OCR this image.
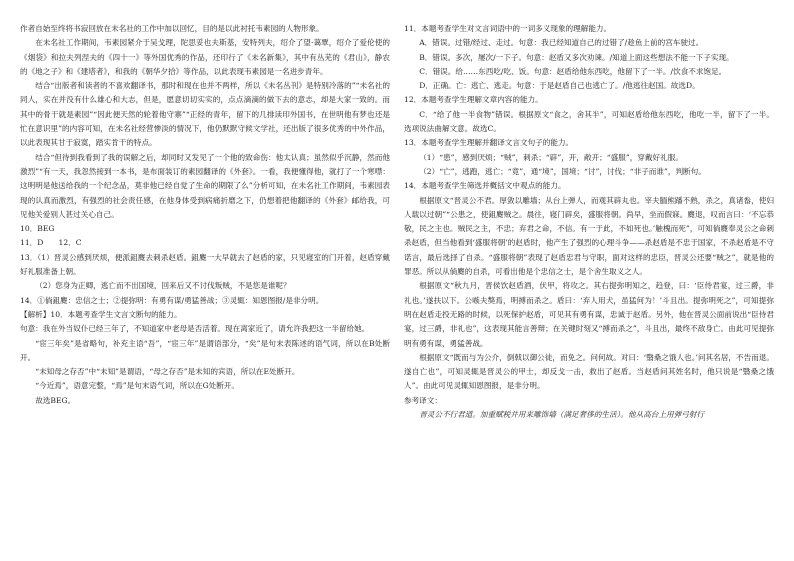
作者自始至终将书寂回放在未名社的工作中加以回忆，目的是以此衬托韦素园的人物形象。

在未名社工作期间，韦素园紧介于吴戈理，陀思妥也夫斯基，安特列夫，绍介了望·蔼覃，绍介了爱伦使的《烟袋》和拉夫列涅夫的《四十一》等外国优秀的作品，还印行了《未名新集》，其中有丛芜的《君山》，静农的《地之子》和《建塔者》，和我的《朝华夕拾》等作品，以此表现韦素园是一名进步青年。

结合“出版者和读者的不喜欢翻译书，那时和现在也并不两样，所以《未名丛刊》是特别冷落的”“未名社的同人，实在并没有什么雄心和大志，但是，愿意切切实实的，点点滴滴的做下去的意志，却是大家一致的。而其中的骨干就是素园”“因此便天然的轮着他守寨”“正经的青年，留下的几排读印外国书，在世明他有梦也还是忙在意识里”的内容可知，在未名社经营惨淡的情况下，他仍默默守候文学社，还出版了很多优秀的中外作品，以此表现其甘于寂寞，踏实肯干的特点。

结合“但待到我看到了我的误解之后，却同时又发见了一个他的致命伤：他太认真；虽然似乎沉静，然而他激烈”“有一天，我忽然接到一本书，是布面装订的素园翻译的《外套》。一看，我便懂得他，就打了一个寒噤：这明明是他送给我的一个纪念品，莫非他已经自觉了生命的期限了么”分析可知，在未名社工作期间，韦素园表现的认真而激烈，有强烈的社会责任感，在他身体受到病痛折磨之下，仍想着把他翻译的《外套》邮给我，可见他关爱别人甚过关心自己。

10．BEG

11．D　　12．C

13．（1）晋灵公感到厌烦，便派鉏麑去刺杀赵盾。鉏麑一大早就去了赵盾的家，只见寝室的门开着，赵盾穿戴好礼服准备上朝。

（2）您身为正卿，逃亡而不出国境，回来后又不讨伐叛贼，不是您是谁呢？

14．①倘鉏麑：忠信之士；②提弥明：有勇有谋/勇猛善战；③灵辄：知恩图报/是非分明。

【解析】10．本题考查学生文言文断句的能力。

句意：我在外当奴仆已经三年了，不知道家中老母是否活着。现在离家近了，请允许我把这一半留给她。

“宦三年矣”是省略句，补充主语“吾”，“宦三年”是谓语部分，“矣”是句末表陈述的语气词，所以在B处断开。

“未知母之存否”中“未知”是谓语，“母之存否”是未知的宾语，所以在E处断开。

“今近焉”，语意完整，“焉”是句末语气词，所以在G处断开。

故选BEG。

11．本题考查学生对文言词语中的一词多义现象的理解能力。

A．错误。过错/经过、走过。句意：我已经知道自己的过错了/趁鱼上前的宫车驶过。

B．错误。多次，屡次/一下子。句意：赵盾又多次劝谏。/知道上面这些想法不能一下子实现。

C．错误。给……东西吃/吃、饭。句意：赵盾给他东西吃，他留下了一半。/饮食不求饱足。

D．正确。亡：逃亡、逃走。句意：于是赵盾自己也逃亡了。/他逃往赵国。故选D。

12．本题考查学生理解文章内容的能力。

C．“给了他一半食物”错误。根据原文“食之，舍其半”，可知赵盾给他东西吃，他吃一半，留下了一半。选项说法曲解文意。故选C。

13．本题考查学生理解并翻译文言文句子的能力。

（1）“患”，感到厌烦；“贼”，刺杀；“辟”，开，敞开；“盛服”，穿戴好礼服。

（2）“亡”，逃跑，逃亡；“竟”，通“境”，国境；“讨”，讨伐；“非子而谁”，判断句。

14．本题考查学生筛选并概括文中观点的能力。

根据原文“晋灵公不君。厚敛以雕墙；从台上弹人，而观其辟丸也。宰夫胹熊蹯不熟，杀之，真诸畚，使妇人载以过朝”“公患之，使鉏麑贼之。晨往，寝门辟矣，盛服将朝。尚早，坐而假寐。麑退，叹而言曰：‘不忘恭敬，民之主也。贼民之主，不忠；弃君之命，不信。有一于此，不如死也。’触槐而死”，可知倘麑奉灵公之命刺杀赵盾，但当他看到‘盛服将朝’的赵盾时，他产生了强烈的心理斗争——杀赵盾是不忠于国家，不杀赵盾是不守诺言，最后选择了自杀。“盛服将朝”表现了赵盾忠君与守职，面对这样的忠臣，晋灵公还要“贼之”，就是他的罪恶。所以从倘麑的自杀，可看出他是个忠信之士，是个舍生取义之人。

根据原文“秋九月，晋侯饮赵盾酒，伏甲，将攻之。其右提弥明知之，趋登，曰：‘臣侍君宴，过三爵，非礼也。’遂扶以下。公嗾夫獒焉，明搏而杀之。盾曰：‘弃人用犬，虽猛何为！’斗且出。提弥明死之”，可知提弥明在赵盾走投无路的时候，以死保护赵盾，可见其有勇有谋，忠诚于赵盾。另外，他在晋灵公面前说出“臣侍君宴，过三爵，非礼也”，这表现其能言善辩；在关键时刻又“搏而杀之”，斗且出，最终不敌身亡。由此可见提弥明有勇有谋，勇猛善战。

根据原文“既而与为公介，倒戟以御公徒，而免之。问何故。对曰：‘翳桑之饿人也。’问其名居，不告而退。遂自亡也”，可知灵辄是晋灵公的甲士，却反戈一击，救出了赵盾。当赵盾问其姓名时，他只说是“翳桑之饿人”。由此可见灵辄知恩图报，是非分明。

参考译文：

晋灵公不行君道。加重赋税并用来雕饰墙（满足奢侈的生活）。他从高台上用弹弓射行
